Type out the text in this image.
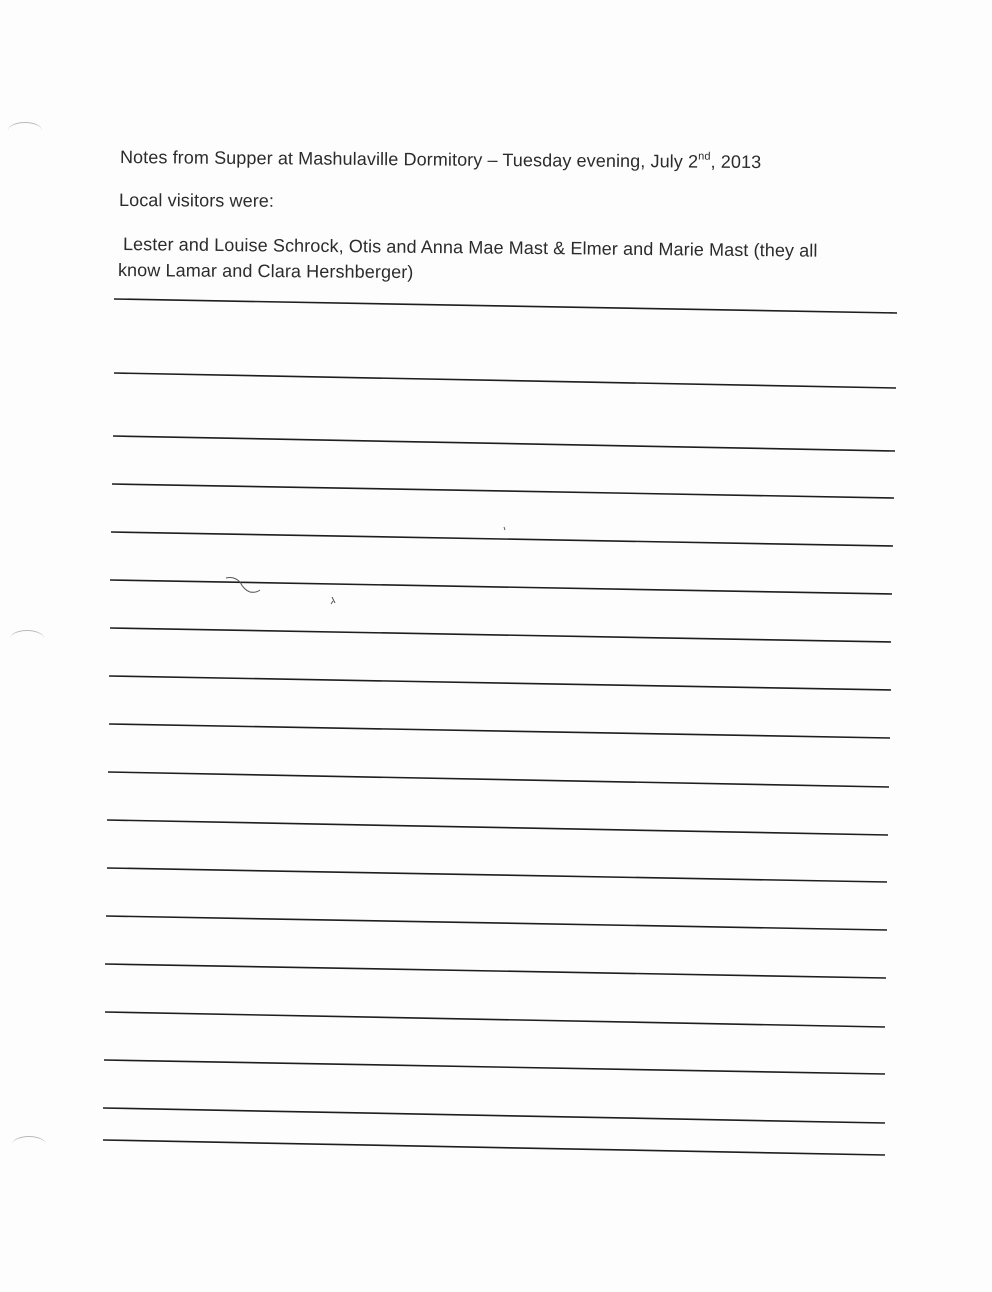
Notes from Supper at Mashulaville Dormitory – Tuesday evening, July 2nd, 2013
Local visitors were:
Lester and Louise Schrock, Otis and Anna Mae Mast & Elmer and Marie Mast (they all
know Lamar and Clara Hershberger)
